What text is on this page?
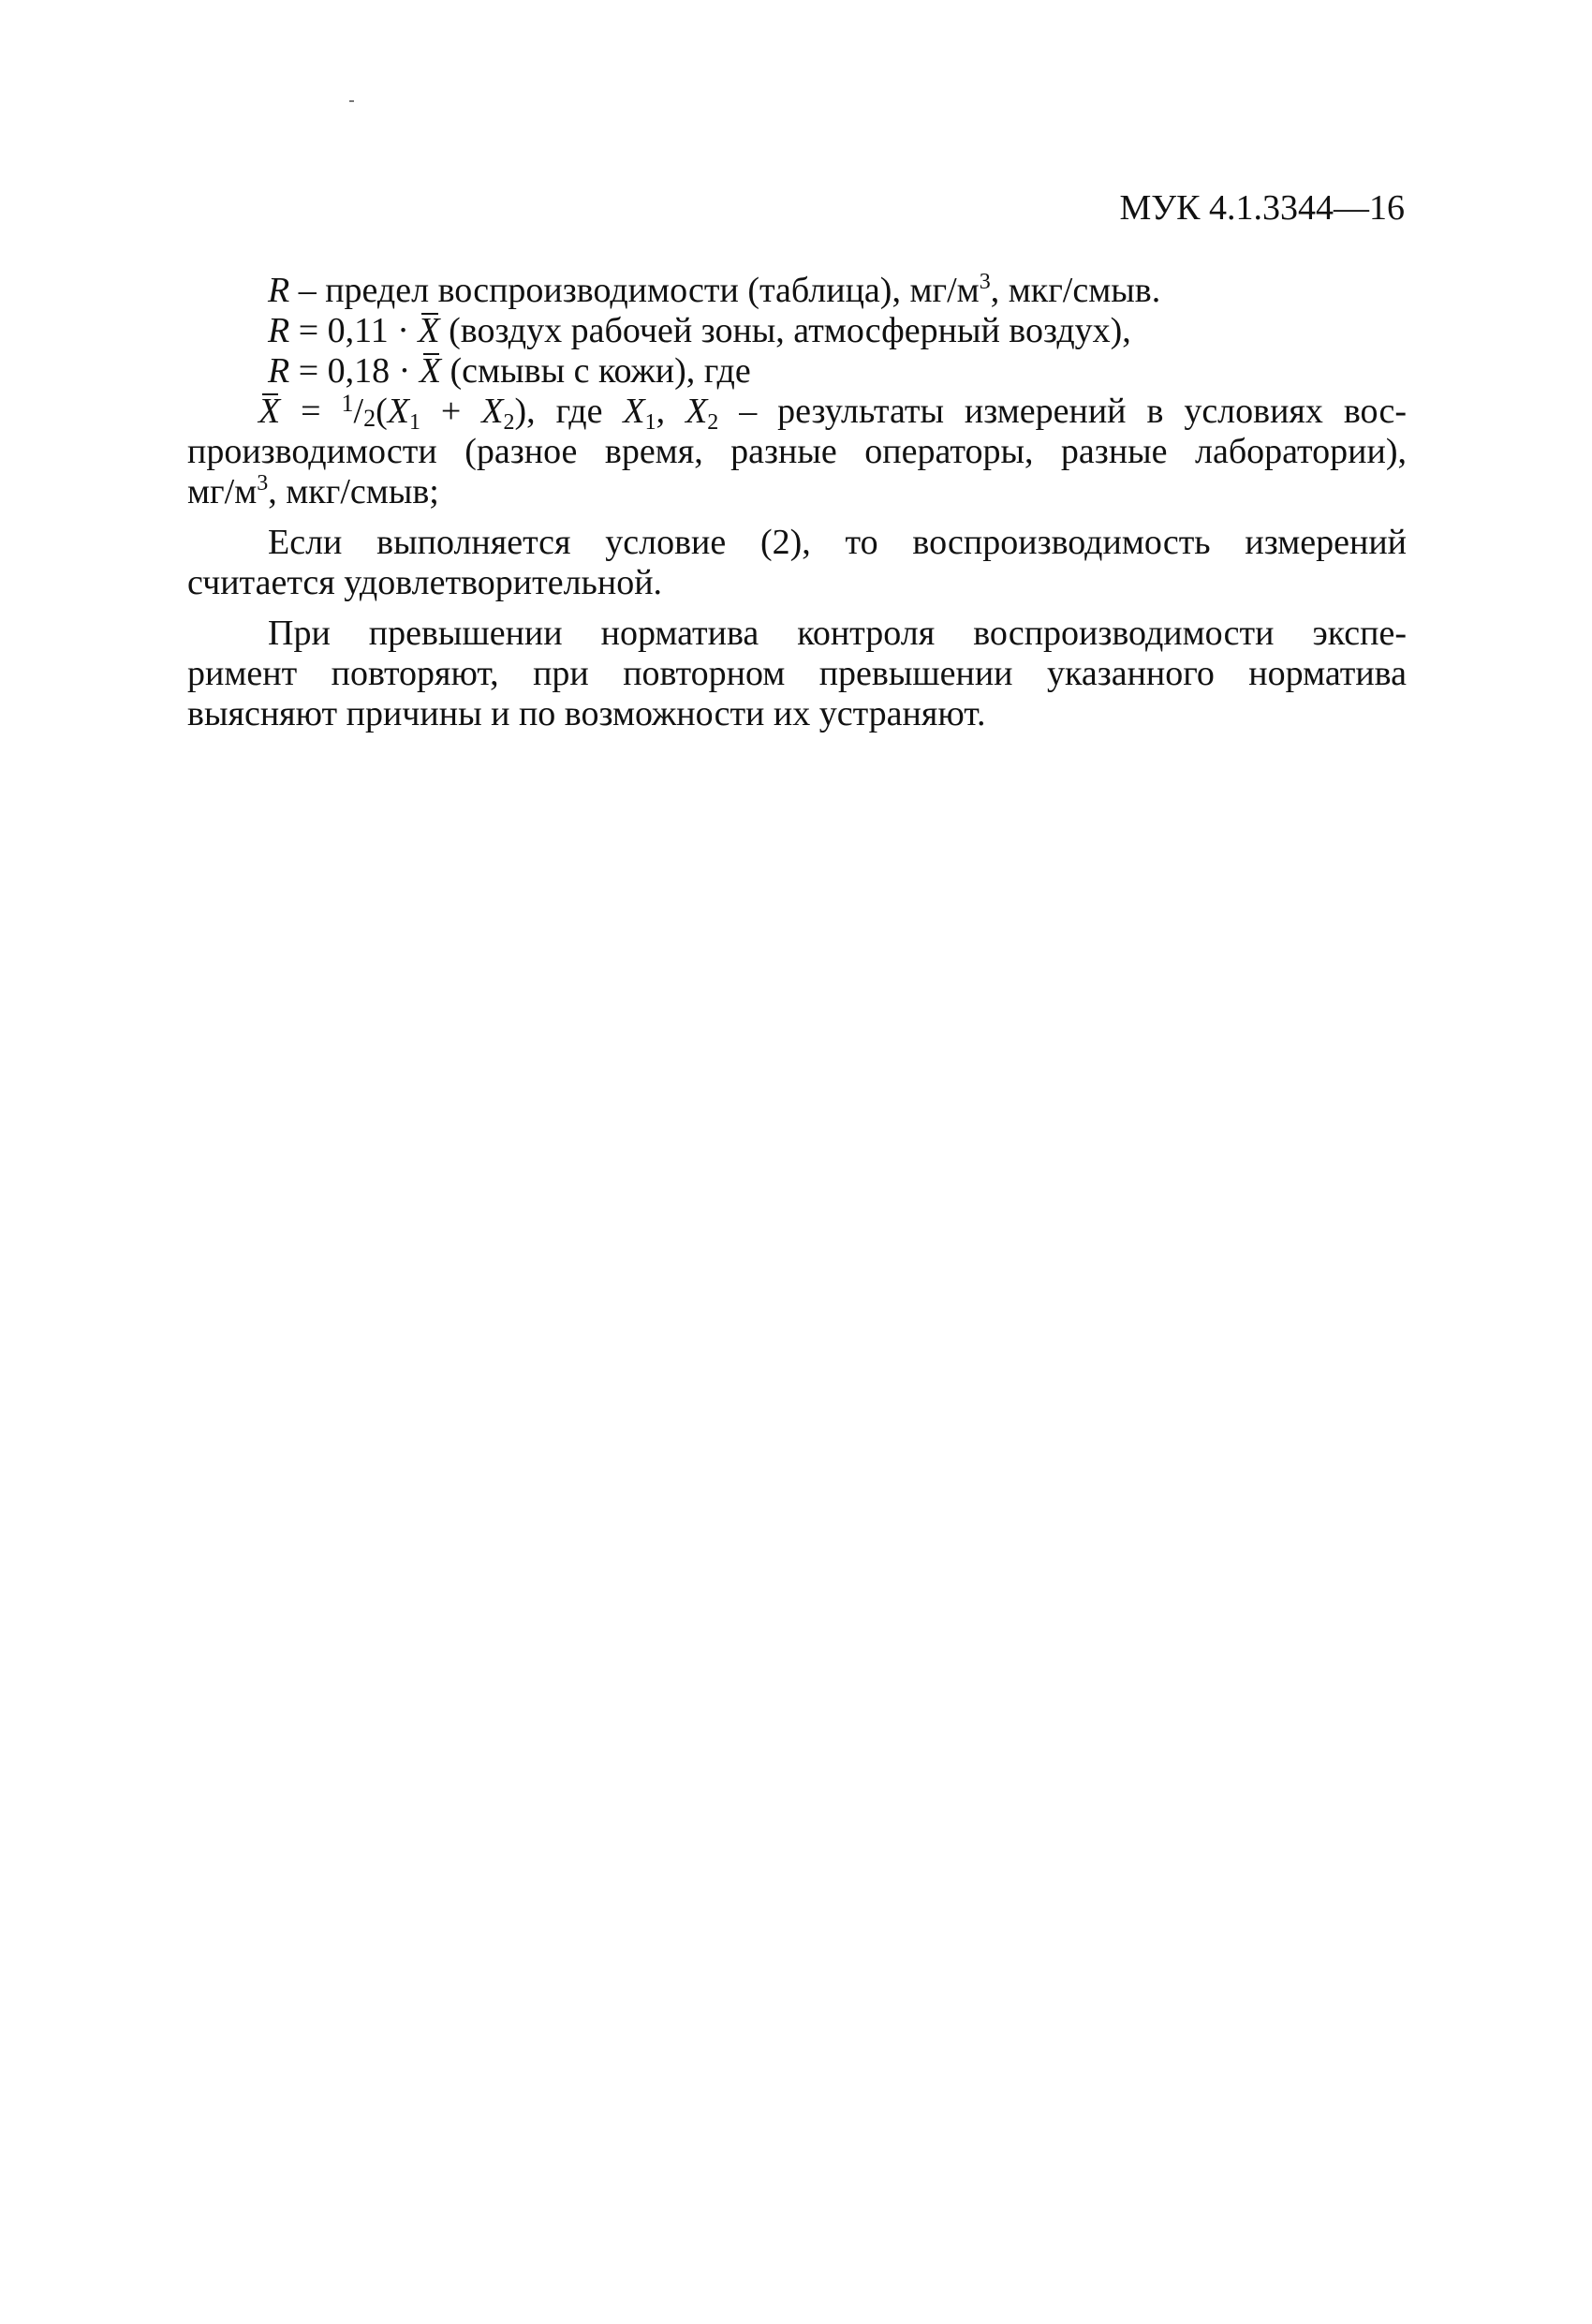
МУК 4.1.3344—16
R – предел воспроизводимости (таблица), $мг/м^3$, мкг/смыв.
R = 0,11 · X (воздух рабочей зоны, атмосферный воздух),
R = 0,18 · X (смывы с кожи), где
$X = ^1/2(X_1 + X_2)$, где $X_1$, $X_2$ – результаты измерений в условиях вос-
производимости (разное время, разные операторы, разные лаборатории),
$мг/м^3$, мкг/смыв;
Если выполняется условие (2), то воспроизводимость измерений
считается удовлетворительной.
При превышении норматива контроля воспроизводимости экспе-
римент повторяют, при повторном превышении указанного норматива
выясняют причины и по возможности их устраняют.
